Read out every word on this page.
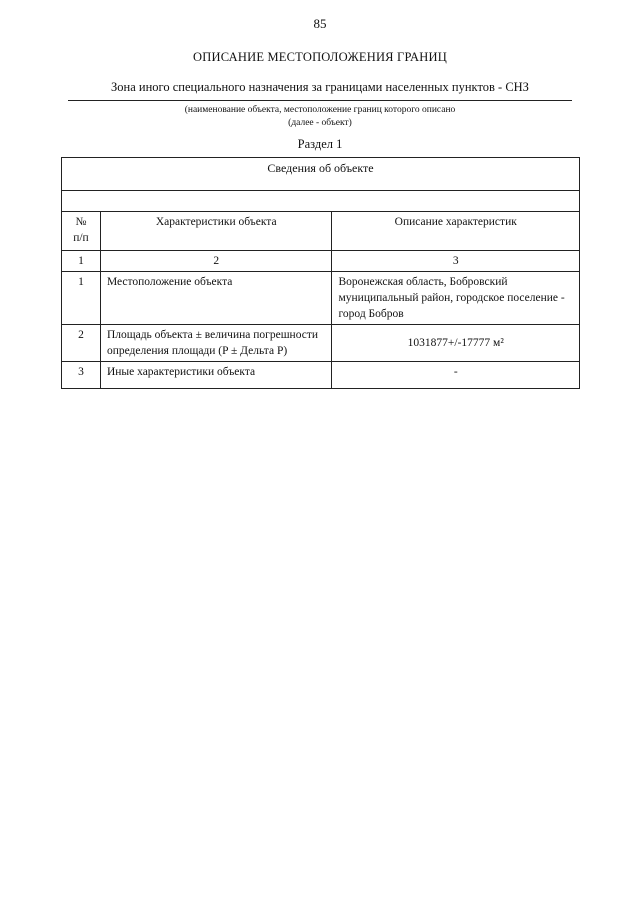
85
ОПИСАНИЕ МЕСТОПОЛОЖЕНИЯ ГРАНИЦ
Зона иного специального назначения за границами населенных пунктов - СНЗ
(наименование объекта, местоположение границ которого описано
(далее - объект)
Раздел 1
Сведения об объекте		

№
п/п	Характеристики объекта	Описание характеристик
1	2	3
1	Местоположение объекта	Воронежская область, Бобровский муниципальный район, городское поселение - город Бобров
2	Площадь объекта ± величина погрешности определения площади (P ± Дельта P)	1031877+/-17777 м²
3	Иные характеристики объекта	-
